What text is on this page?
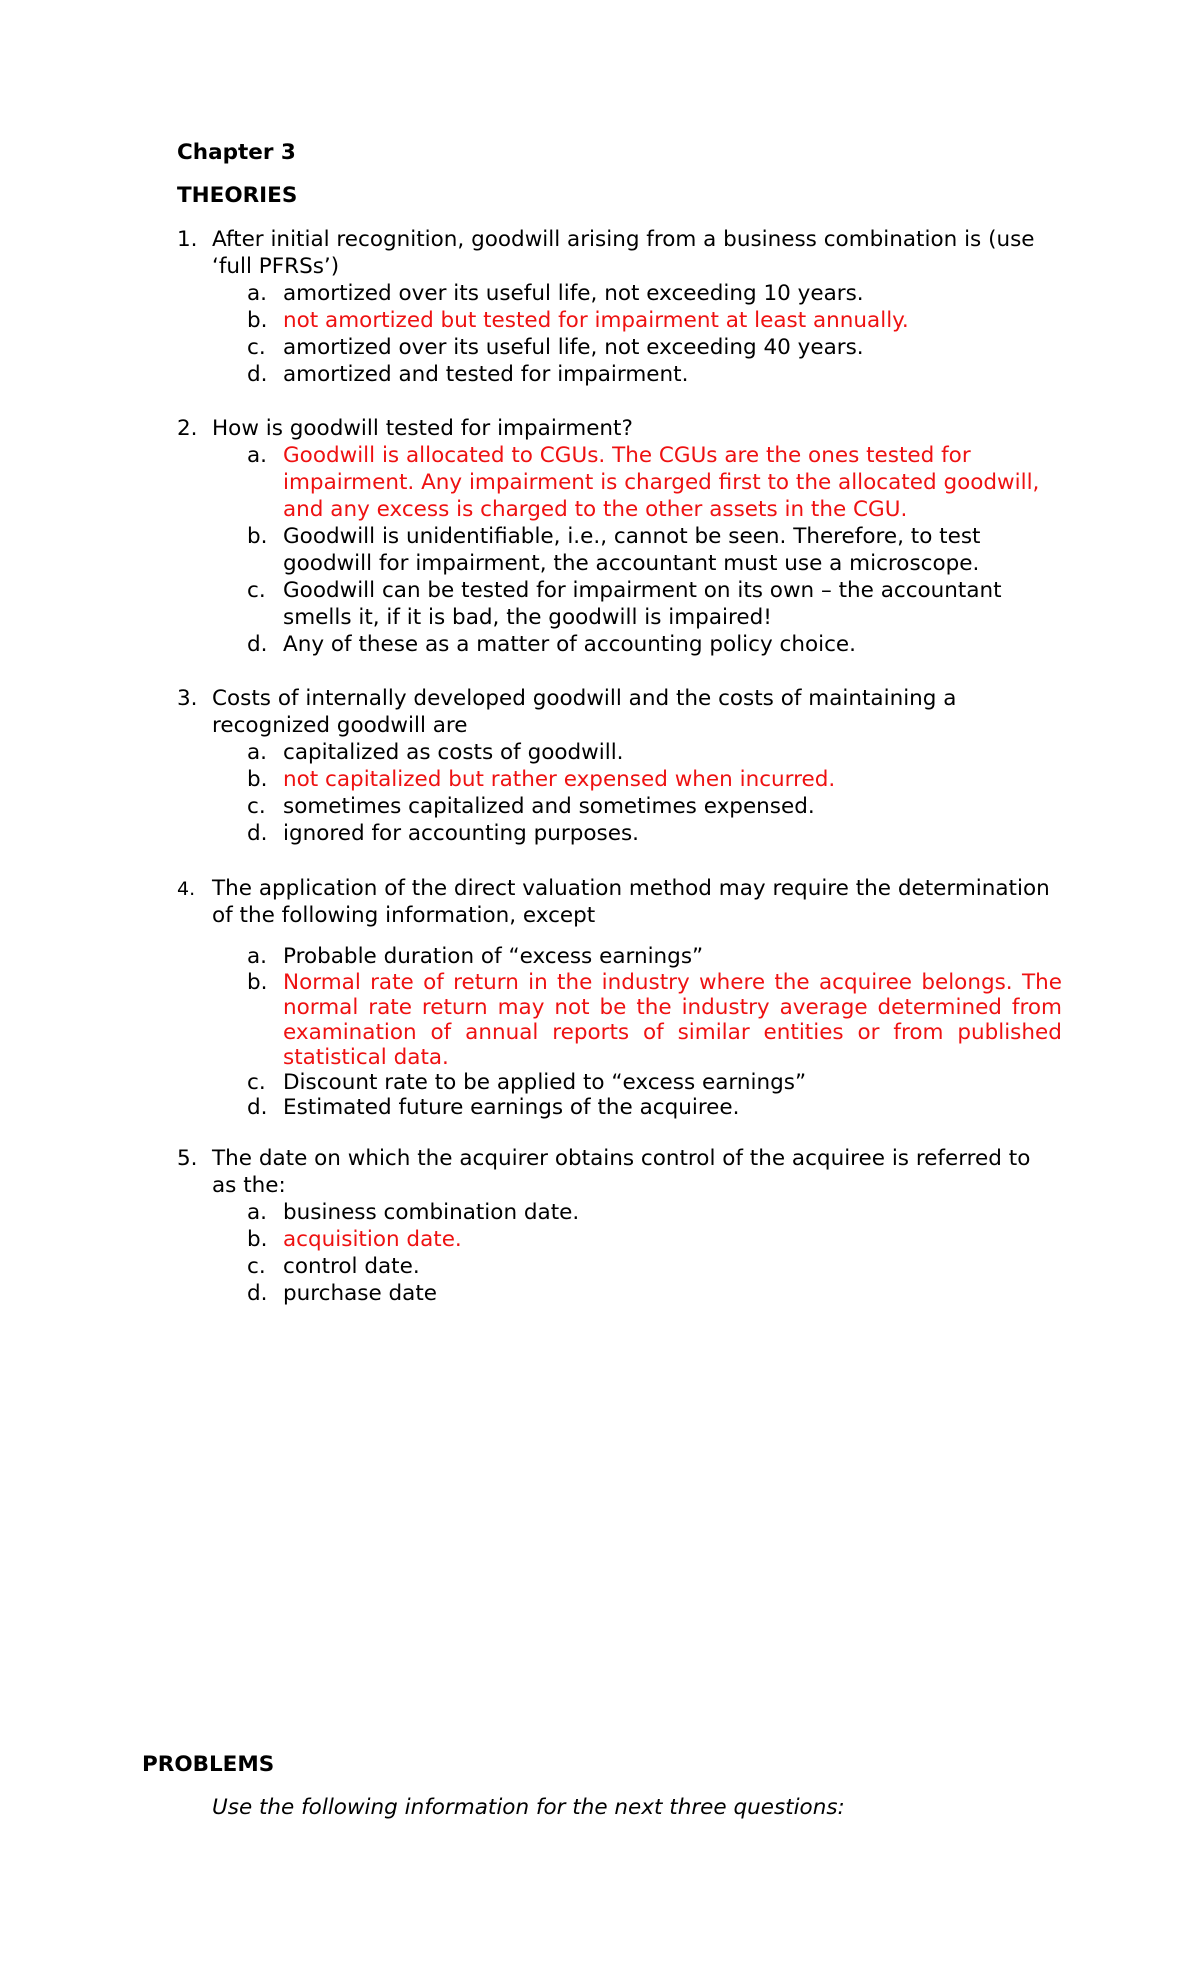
Chapter 3
THEORIES
1. After initial recognition, goodwill arising from a business combination is (use
‘full PFRSs’)
a. amortized over its useful life, not exceeding 10 years.
b. not amortized but tested for impairment at least annually.
c. amortized over its useful life, not exceeding 40 years.
d. amortized and tested for impairment.
2. How is goodwill tested for impairment?
a. Goodwill is allocated to CGUs. The CGUs are the ones tested for
impairment. Any impairment is charged first to the allocated goodwill,
and any excess is charged to the other assets in the CGU.
b. Goodwill is unidentifiable, i.e., cannot be seen. Therefore, to test
goodwill for impairment, the accountant must use a microscope.
c. Goodwill can be tested for impairment on its own – the accountant
smells it, if it is bad, the goodwill is impaired!
d. Any of these as a matter of accounting policy choice.
3. Costs of internally developed goodwill and the costs of maintaining a
recognized goodwill are
a. capitalized as costs of goodwill.
b. not capitalized but rather expensed when incurred.
c. sometimes capitalized and sometimes expensed.
d. ignored for accounting purposes.
4. The application of the direct valuation method may require the determination
of the following information, except
a. Probable duration of “excess earnings”
b. Normal rate of return in the industry where the acquiree belongs. The
normal rate return may not be the industry average determined from
examination of annual reports of similar entities or from published
statistical data.
c. Discount rate to be applied to “excess earnings”
d. Estimated future earnings of the acquiree.
5. The date on which the acquirer obtains control of the acquiree is referred to
as the:
a. business combination date.
b. acquisition date.
c. control date.
d. purchase date
PROBLEMS
Use the following information for the next three questions:
